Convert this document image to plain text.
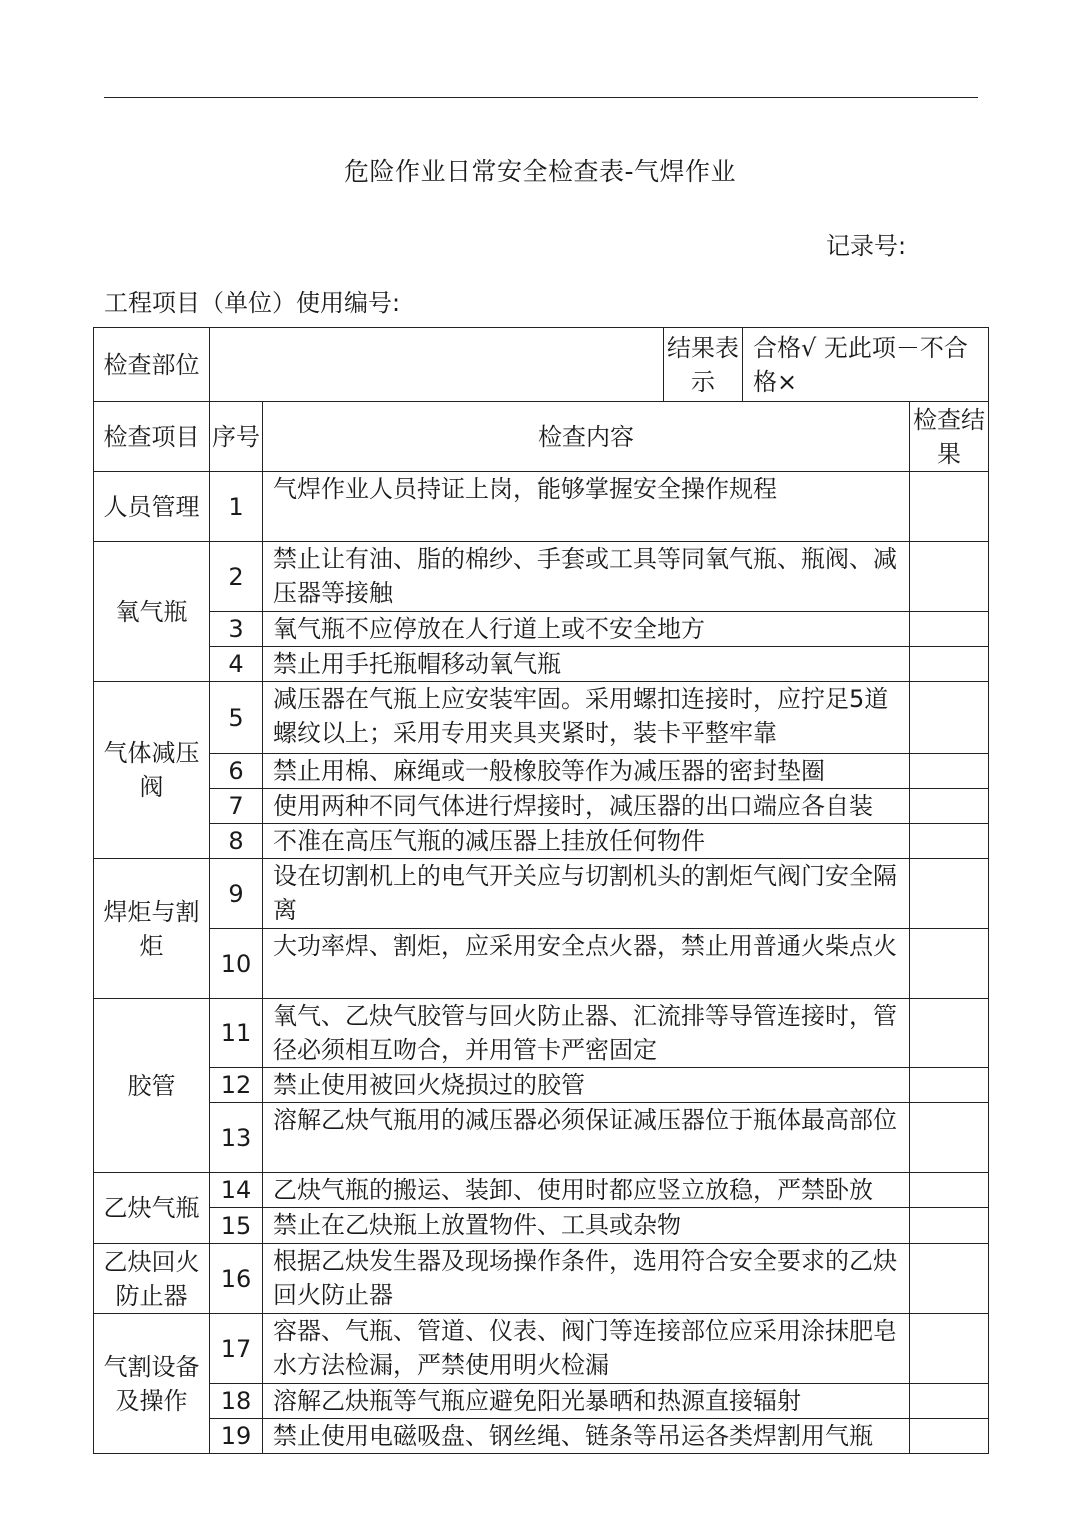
危险作业日常安全检查表-气焊作业
记录号:
工程项目（单位）使用编号:
检查部位			结果表示	合格√ 无此项－不合格×	
检查项目	序号	检查内容			检查结果
人员管理	1	气焊作业人员持证上岗，能够掌握安全操作规程			
氧气瓶	2	禁止让有油、脂的棉纱、手套或工具等同氧气瓶、瓶阀、减压器等接触			
	3	氧气瓶不应停放在人行道上或不安全地方			
	4	禁止用手托瓶帽移动氧气瓶			
气体减压阀	5	减压器在气瓶上应安装牢固。采用螺扣连接时，应拧足5道螺纹以上；采用专用夹具夹紧时，装卡平整牢靠			
	6	禁止用棉、麻绳或一般橡胶等作为减压器的密封垫圈			
	7	使用两种不同气体进行焊接时，减压器的出口端应各自装			
	8	不准在高压气瓶的减压器上挂放任何物件			
焊炬与割炬	9	设在切割机上的电气开关应与切割机头的割炬气阀门安全隔离			
	10	大功率焊、割炬，应采用安全点火器，禁止用普通火柴点火			
胶管	11	氧气、乙炔气胶管与回火防止器、汇流排等导管连接时，管径必须相互吻合，并用管卡严密固定			
	12	禁止使用被回火烧损过的胶管			
	13	溶解乙炔气瓶用的减压器必须保证减压器位于瓶体最高部位			
乙炔气瓶	14	乙炔气瓶的搬运、装卸、使用时都应竖立放稳，严禁卧放			
	15	禁止在乙炔瓶上放置物件、工具或杂物			
乙炔回火防止器	16	根据乙炔发生器及现场操作条件，选用符合安全要求的乙炔回火防止器			
气割设备及操作	17	容器、气瓶、管道、仪表、阀门等连接部位应采用涂抹肥皂水方法检漏，严禁使用明火检漏			
	18	溶解乙炔瓶等气瓶应避免阳光暴晒和热源直接辐射			
	19	禁止使用电磁吸盘、钢丝绳、链条等吊运各类焊割用气瓶			
